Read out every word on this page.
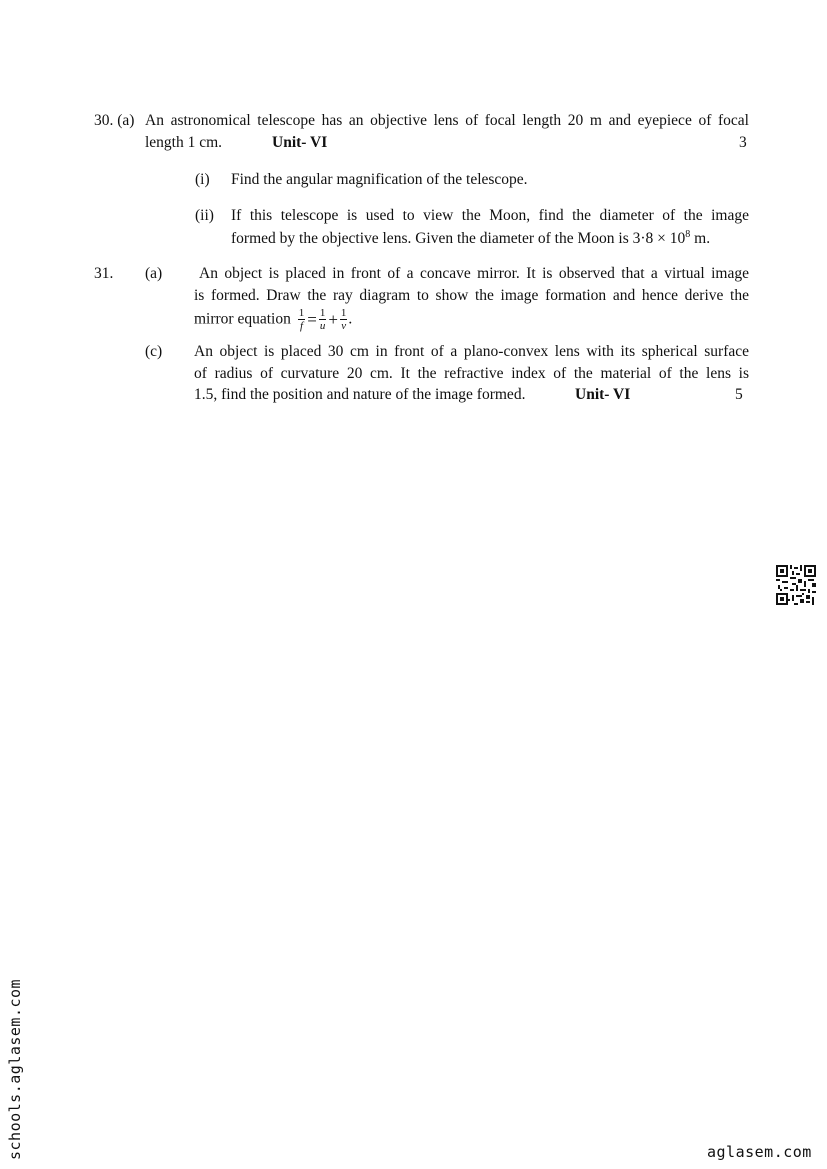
30. (a) An astronomical telescope has an objective lens of focal length 20 m and eyepiece of focal
length 1 cm.	Unit- VI	3
(i) Find the angular magnification of the telescope.
(ii) If this telescope is used to view the Moon, find the diameter of the image
formed by the objective lens. Given the diameter of the Moon is $3\cdot 8 \times 10^8$ m.
31. (a) An object is placed in front of a concave mirror. It is observed that a virtual image
is formed. Draw the ray diagram to show the image formation and hence derive the
mirror equation $\frac{1}{f} = \frac{1}{u} + \frac{1}{v}$ .
(c) An object is placed 30 cm in front of a plano-convex lens with its spherical surface
of radius of curvature 20 cm. It the refractive index of the material of the lens is
1.5, find the position and nature of the image formed.	Unit- VI	5
schools.aglasem.com	aglasem.com
